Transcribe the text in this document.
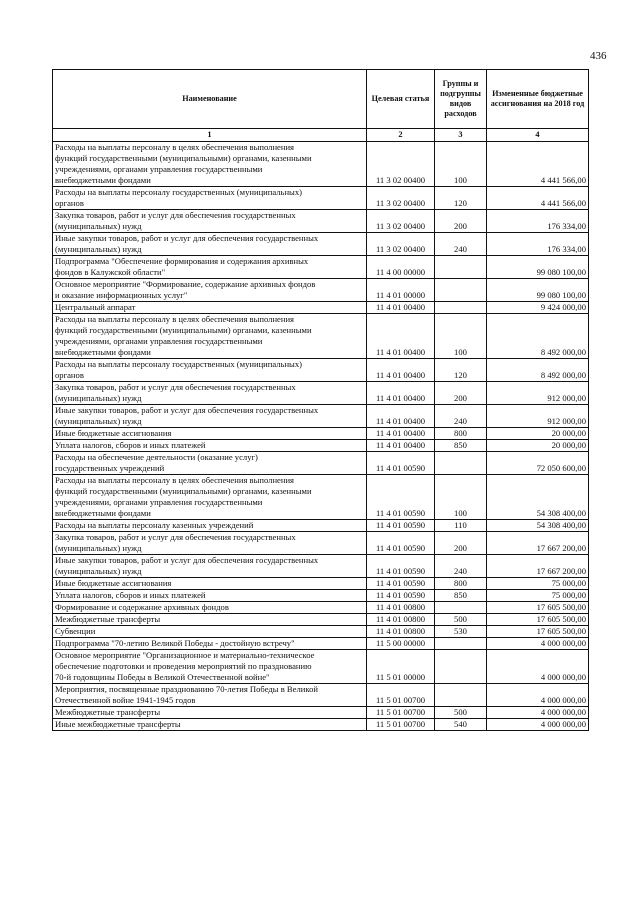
436
Наименование	Целевая статья	Группы и подгруппы видов расходов	Измененные бюджетные ассигнования на 2018 год
1	2	3	4
Расходы на выплаты персоналу в целях обеспечения выполнения
функций государственными (муниципальными) органами, казенными
учреждениями, органами управления государственными
внебюджетными фондами	11 3 02 00400	100	4 441 566,00
Расходы на выплаты персоналу государственных (муниципальных)
органов	11 3 02 00400	120	4 441 566,00
Закупка товаров, работ и услуг для обеспечения государственных
(муниципальных) нужд	11 3 02 00400	200	176 334,00
Иные закупки товаров, работ и услуг для обеспечения государственных
(муниципальных) нужд	11 3 02 00400	240	176 334,00
Подпрограмма "Обеспечение формирования и содержания архивных
фондов в Калужской области"	11 4 00 00000		99 080 100,00
Основное мероприятие "Формирование, содержание архивных фондов
и оказание информационных услуг"	11 4 01 00000		99 080 100,00
Центральный аппарат	11 4 01 00400		9 424 000,00
Расходы на выплаты персоналу в целях обеспечения выполнения
функций государственными (муниципальными) органами, казенными
учреждениями, органами управления государственными
внебюджетными фондами	11 4 01 00400	100	8 492 000,00
Расходы на выплаты персоналу государственных (муниципальных)
органов	11 4 01 00400	120	8 492 000,00
Закупка товаров, работ и услуг для обеспечения государственных
(муниципальных) нужд	11 4 01 00400	200	912 000,00
Иные закупки товаров, работ и услуг для обеспечения государственных
(муниципальных) нужд	11 4 01 00400	240	912 000,00
Иные бюджетные ассигнования	11 4 01 00400	800	20 000,00
Уплата налогов, сборов и иных платежей	11 4 01 00400	850	20 000,00
Расходы на обеспечение деятельности (оказание услуг)
государственных учреждений	11 4 01 00590		72 050 600,00
Расходы на выплаты персоналу в целях обеспечения выполнения
функций государственными (муниципальными) органами, казенными
учреждениями, органами управления государственными
внебюджетными фондами	11 4 01 00590	100	54 308 400,00
Расходы на выплаты персоналу казенных учреждений	11 4 01 00590	110	54 308 400,00
Закупка товаров, работ и услуг для обеспечения государственных
(муниципальных) нужд	11 4 01 00590	200	17 667 200,00
Иные закупки товаров, работ и услуг для обеспечения государственных
(муниципальных) нужд	11 4 01 00590	240	17 667 200,00
Иные бюджетные ассигнования	11 4 01 00590	800	75 000,00
Уплата налогов, сборов и иных платежей	11 4 01 00590	850	75 000,00
Формирование и содержание архивных фондов	11 4 01 00800		17 605 500,00
Межбюджетные трансферты	11 4 01 00800	500	17 605 500,00
Субвенции	11 4 01 00800	530	17 605 500,00
Подпрограмма "70-летию Великой Победы - достойную встречу"	11 5 00 00000		4 000 000,00
Основное мероприятие "Организационное и материально-техническое
обеспечение подготовки и проведения мероприятий по празднованию
70-й годовщины Победы в Великой Отечественной войне"	11 5 01 00000		4 000 000,00
Мероприятия, посвященные празднованию 70-летия Победы в Великой
Отечественной войне 1941-1945 годов	11 5 01 00700		4 000 000,00
Межбюджетные трансферты	11 5 01 00700	500	4 000 000,00
Иные межбюджетные трансферты	11 5 01 00700	540	4 000 000,00
